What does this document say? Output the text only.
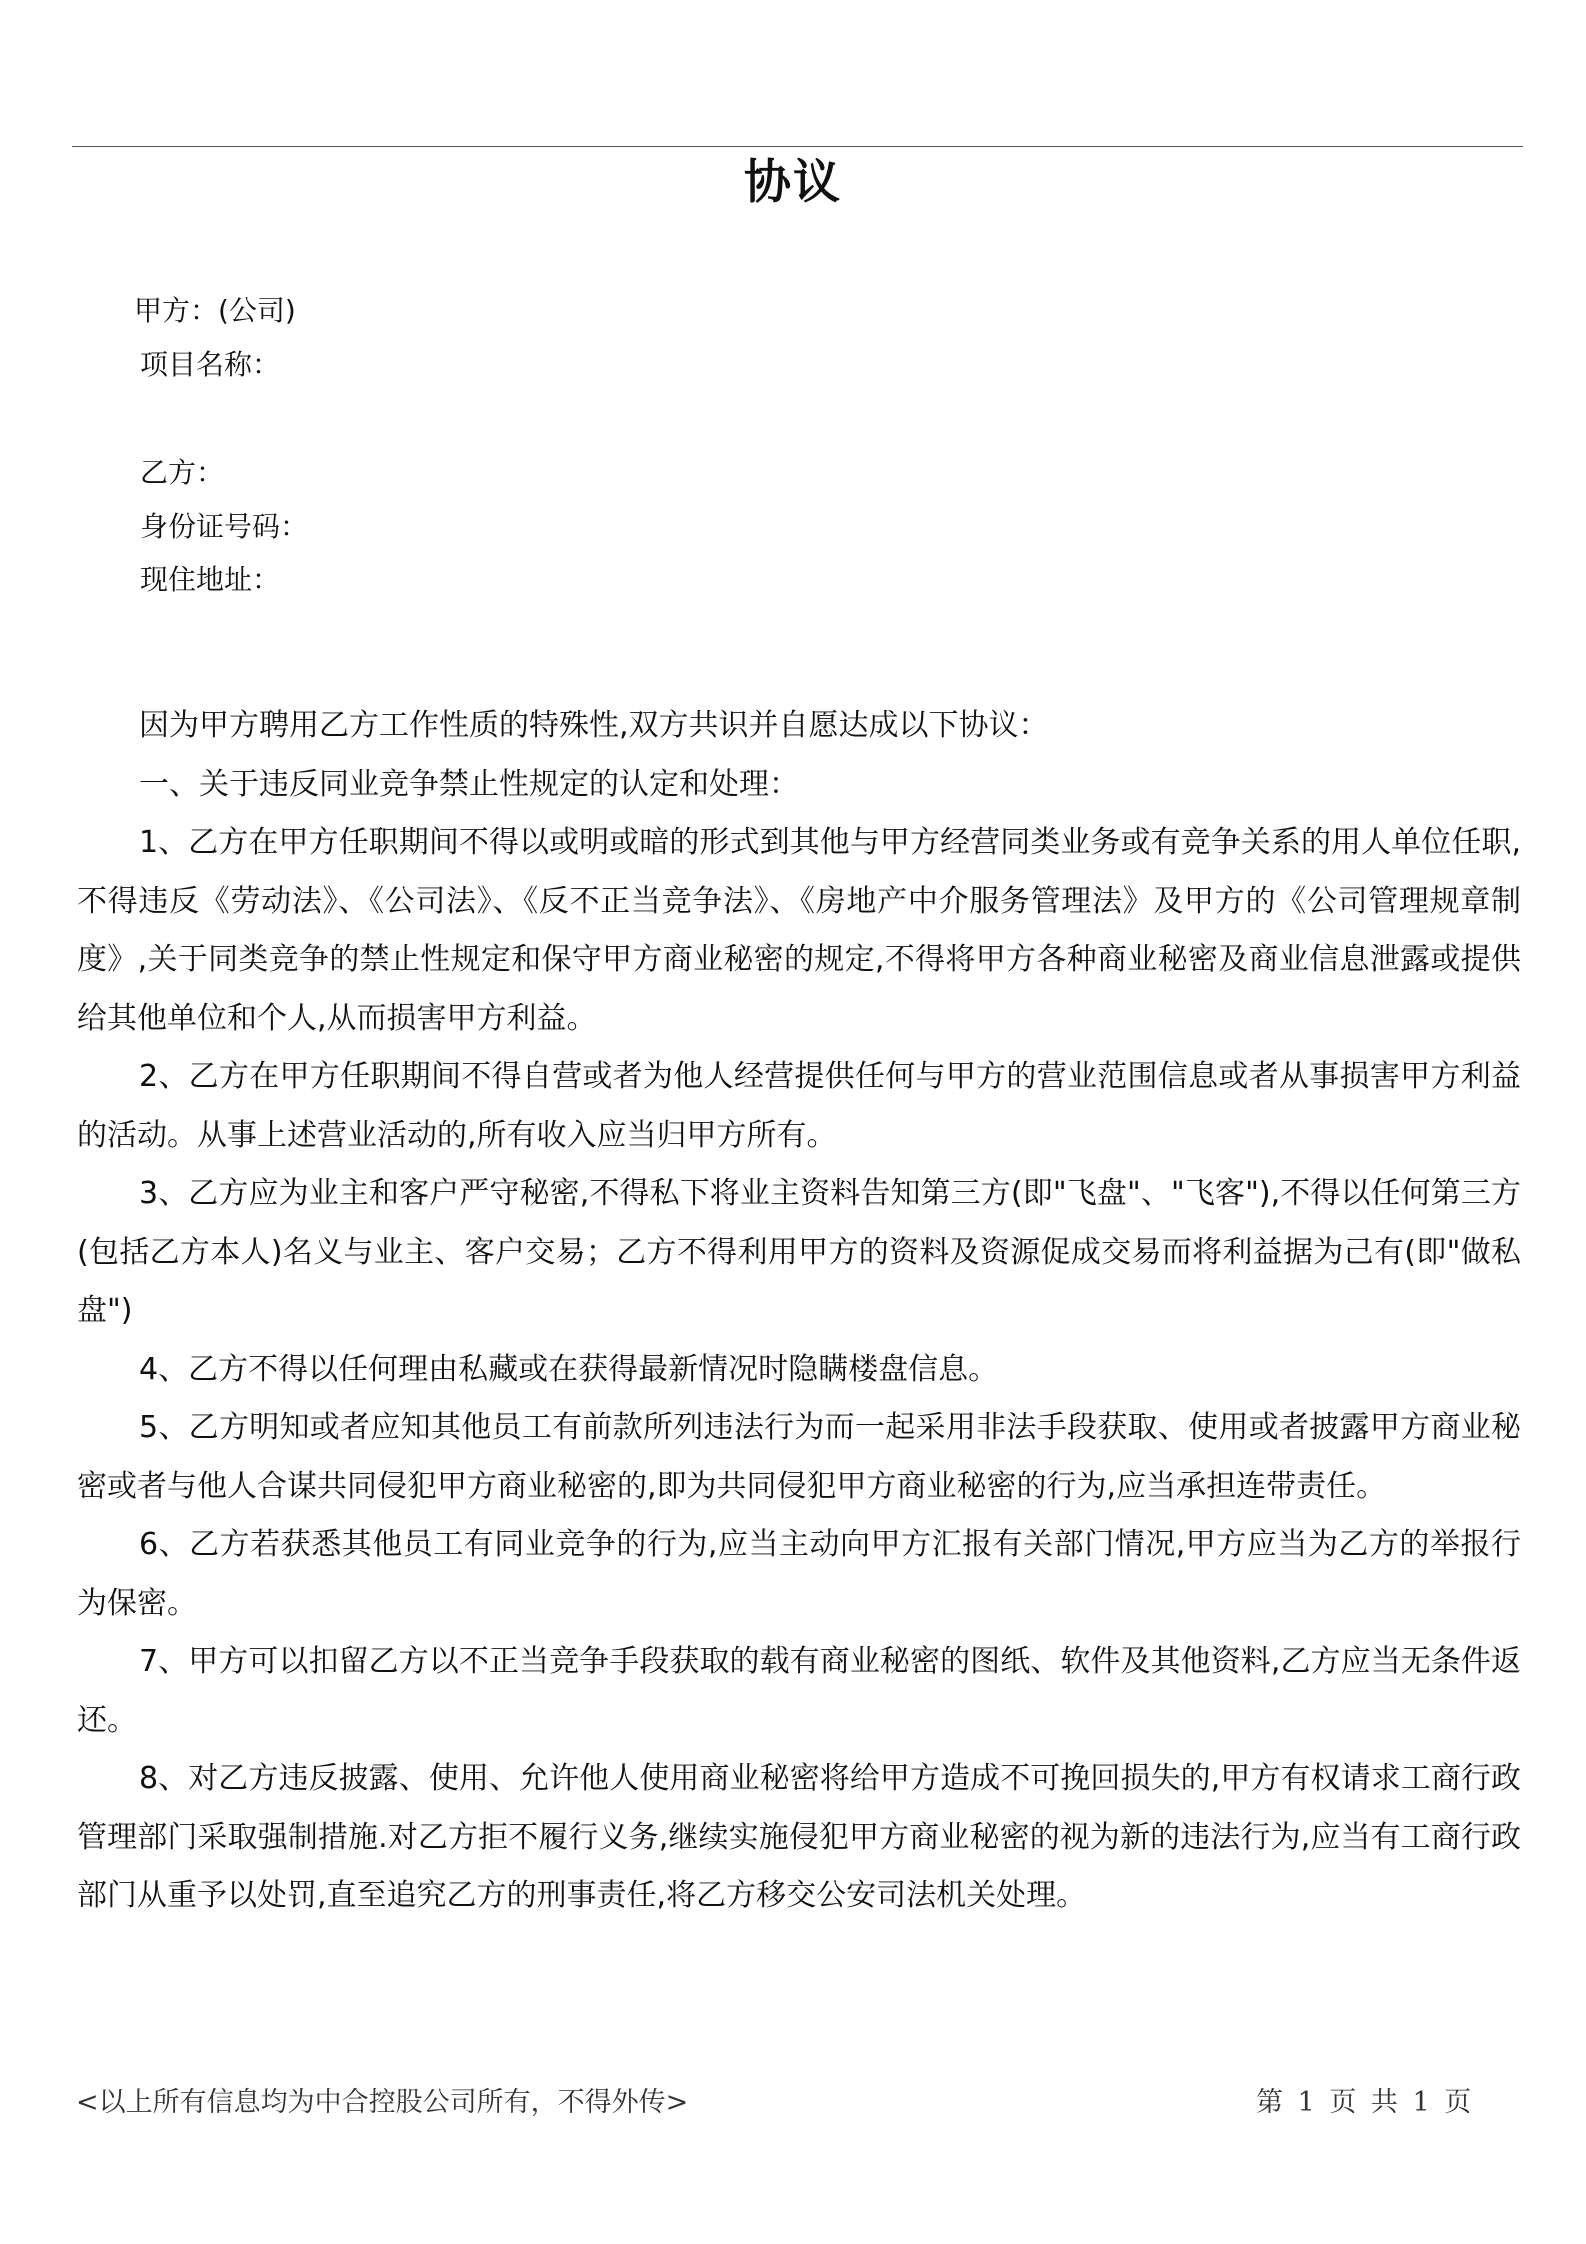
协议
甲方：(公司)
项目名称：
乙方：
身份证号码：
现住地址：

因为甲方聘用乙方工作性质的特殊性,双方共识并自愿达成以下协议：

一、关于违反同业竞争禁止性规定的认定和处理：

1、乙方在甲方任职期间不得以或明或暗的形式到其他与甲方经营同类业务或有竞争关系的用人单位任职,不得违反《劳动法》、《公司法》、《反不正当竞争法》、《房地产中介服务管理法》及甲方的《公司管理规章制度》,关于同类竞争的禁止性规定和保守甲方商业秘密的规定,不得将甲方各种商业秘密及商业信息泄露或提供给其他单位和个人,从而损害甲方利益。

2、乙方在甲方任职期间不得自营或者为他人经营提供任何与甲方的营业范围信息或者从事损害甲方利益的活动。从事上述营业活动的,所有收入应当归甲方所有。

3、乙方应为业主和客户严守秘密,不得私下将业主资料告知第三方(即"飞盘"、"飞客"),不得以任何第三方(包括乙方本人)名义与业主、客户交易；乙方不得利用甲方的资料及资源促成交易而将利益据为己有(即"做私盘")

4、乙方不得以任何理由私藏或在获得最新情况时隐瞒楼盘信息。

5、乙方明知或者应知其他员工有前款所列违法行为而一起采用非法手段获取、使用或者披露甲方商业秘密或者与他人合谋共同侵犯甲方商业秘密的,即为共同侵犯甲方商业秘密的行为,应当承担连带责任。

6、乙方若获悉其他员工有同业竞争的行为,应当主动向甲方汇报有关部门情况,甲方应当为乙方的举报行为保密。

7、甲方可以扣留乙方以不正当竞争手段获取的载有商业秘密的图纸、软件及其他资料,乙方应当无条件返还。

8、对乙方违反披露、使用、允许他人使用商业秘密将给甲方造成不可挽回损失的,甲方有权请求工商行政管理部门采取强制措施.对乙方拒不履行义务,继续实施侵犯甲方商业秘密的视为新的违法行为,应当有工商行政部门从重予以处罚,直至追究乙方的刑事责任,将乙方移交公安司法机关处理。

<以上所有信息均为中合控股公司所有，不得外传>	第 1 页 共 1 页
